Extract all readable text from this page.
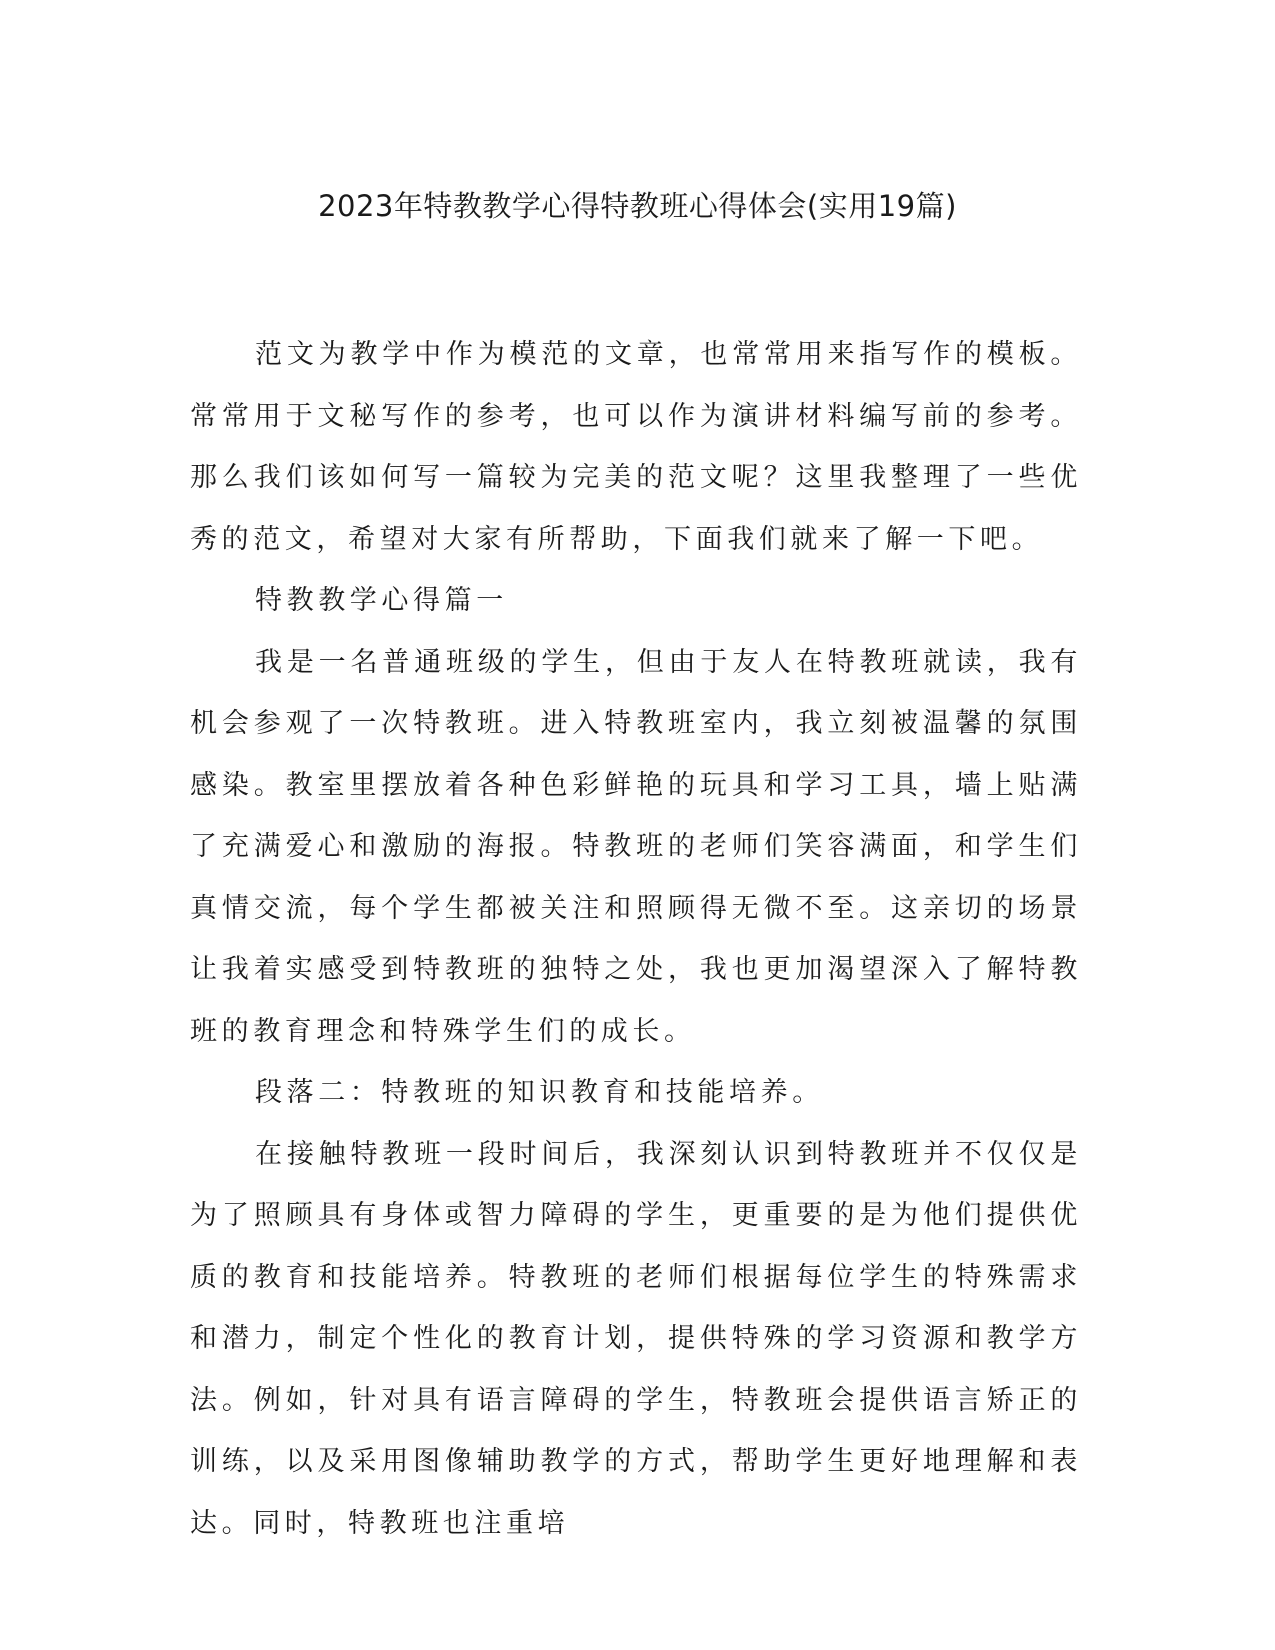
2023年特教教学心得特教班心得体会(实用19篇)

范文为教学中作为模范的文章，也常常用来指写作的模板。常常用于文秘写作的参考，也可以作为演讲材料编写前的参考。那么我们该如何写一篇较为完美的范文呢？这里我整理了一些优秀的范文，希望对大家有所帮助，下面我们就来了解一下吧。

特教教学心得篇一

我是一名普通班级的学生，但由于友人在特教班就读，我有机会参观了一次特教班。进入特教班室内，我立刻被温馨的氛围感染。教室里摆放着各种色彩鲜艳的玩具和学习工具，墙上贴满了充满爱心和激励的海报。特教班的老师们笑容满面，和学生们真情交流，每个学生都被关注和照顾得无微不至。这亲切的场景让我着实感受到特教班的独特之处，我也更加渴望深入了解特教班的教育理念和特殊学生们的成长。

段落二：特教班的知识教育和技能培养。

在接触特教班一段时间后，我深刻认识到特教班并不仅仅是为了照顾具有身体或智力障碍的学生，更重要的是为他们提供优质的教育和技能培养。特教班的老师们根据每位学生的特殊需求和潜力，制定个性化的教育计划，提供特殊的学习资源和教学方法。例如，针对具有语言障碍的学生，特教班会提供语言矫正的训练，以及采用图像辅助教学的方式，帮助学生更好地理解和表达。同时，特教班也注重培
